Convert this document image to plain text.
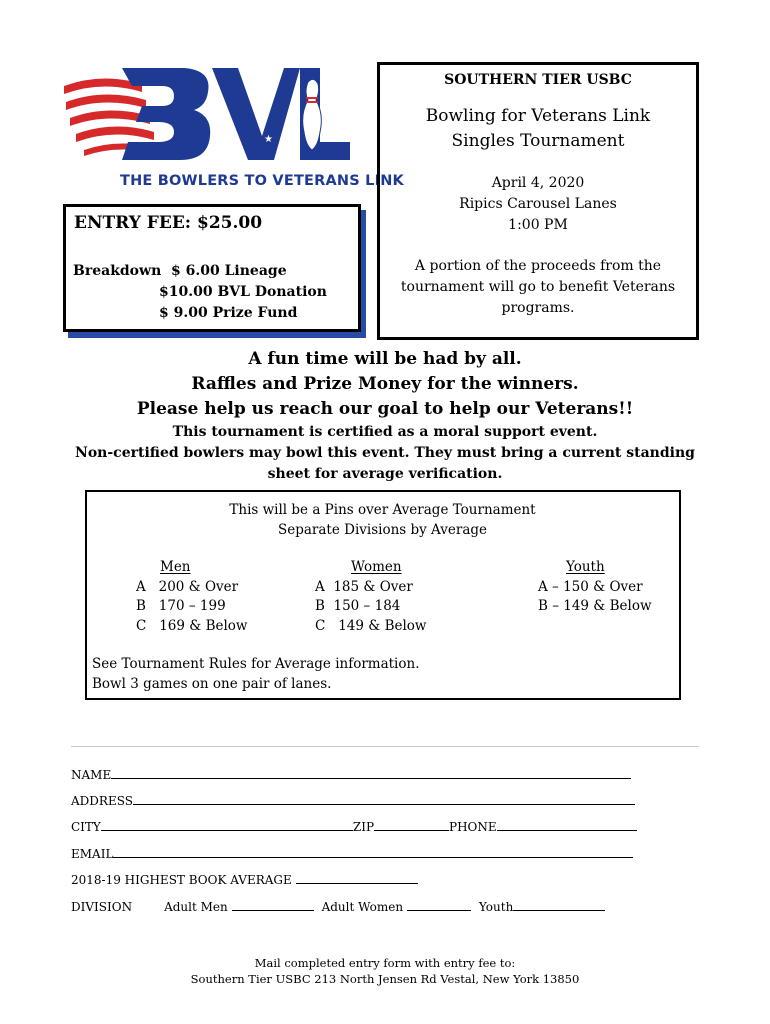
★
★
★
★
THE BOWLERS TO VETERANS LINK
ENTRY FEE: $25.00
Breakdown $ 6.00 Lineage
$10.00 BVL Donation
$ 9.00 Prize Fund
SOUTHERN TIER USBC
Bowling for Veterans Link
Singles Tournament
April 4, 2020
Ripics Carousel Lanes
1:00 PM
A portion of the proceeds from the tournament will go to benefit Veterans programs.
A fun time will be had by all.
Raffles and Prize Money for the winners.
Please help us reach our goal to help our Veterans!!
This tournament is certified as a moral support event.
Non-certified bowlers may bowl this event. They must bring a current standing
sheet for average verification.
This will be a Pins over Average Tournament
Separate Divisions by Average
Men
A   200 & Over
B   170 – 199
C   169 & Below
Women
A  185 & Over
B  150 – 184
C   149 & Below
Youth
A – 150 & Over
B – 149 & Below
See Tournament Rules for Average information.
Bowl 3 games on one pair of lanes.
NAME
ADDRESS
CITY	ZIP	PHONE
EMAIL
2018-19 HIGHEST BOOK AVERAGE
DIVISION	Adult Men	Adult Women	Youth
Mail completed entry form with entry fee to:
Southern Tier USBC 213 North Jensen Rd Vestal, New York 13850
